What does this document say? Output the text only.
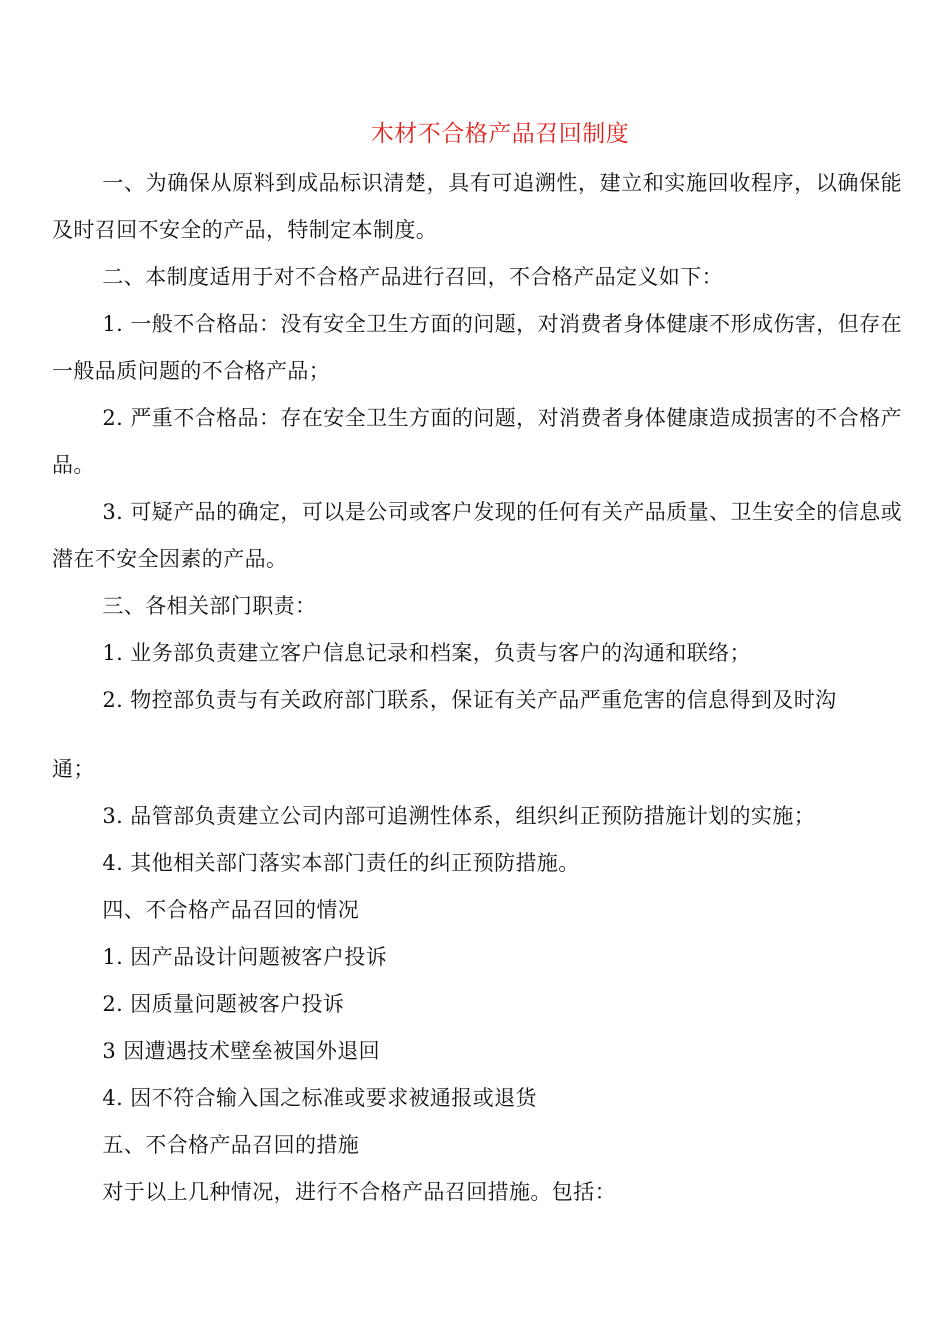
木材不合格产品召回制度

一、为确保从原料到成品标识清楚，具有可追溯性，建立和实施回收程序，以确保能及时召回不安全的产品，特制定本制度。

二、本制度适用于对不合格产品进行召回，不合格产品定义如下：

1. 一般不合格品：没有安全卫生方面的问题，对消费者身体健康不形成伤害，但存在一般品质问题的不合格产品；

2. 严重不合格品：存在安全卫生方面的问题，对消费者身体健康造成损害的不合格产品。

3. 可疑产品的确定，可以是公司或客户发现的任何有关产品质量、卫生安全的信息或潜在不安全因素的产品。

三、各相关部门职责：

1. 业务部负责建立客户信息记录和档案，负责与客户的沟通和联络；

2. 物控部负责与有关政府部门联系，保证有关产品严重危害的信息得到及时沟

通；

3. 品管部负责建立公司内部可追溯性体系，组织纠正预防措施计划的实施；

4. 其他相关部门落实本部门责任的纠正预防措施。

四、不合格产品召回的情况

1. 因产品设计问题被客户投诉

2. 因质量问题被客户投诉

3 因遭遇技术壁垒被国外退回

4. 因不符合输入国之标准或要求被通报或退货

五、不合格产品召回的措施

对于以上几种情况，进行不合格产品召回措施。包括：
